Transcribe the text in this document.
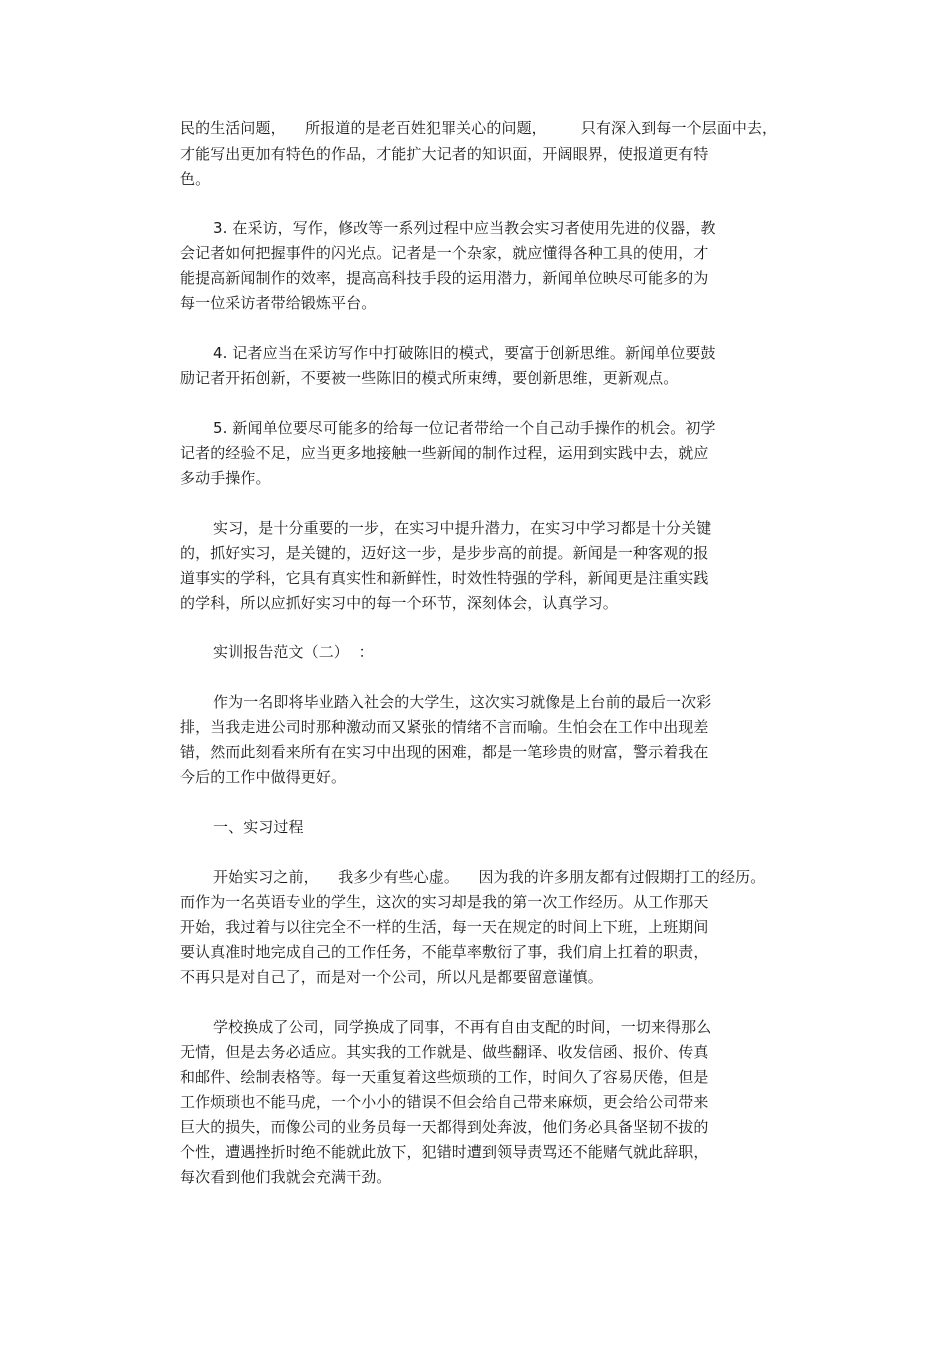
民的生活问题，    所报道的是老百姓犯罪关心的问题，       只有深入到每一个层面中去，
才能写出更加有特色的作品，才能扩大记者的知识面，开阔眼界，使报道更有特
色。
3. 在采访，写作，修改等一系列过程中应当教会实习者使用先进的仪器，教
会记者如何把握事件的闪光点。记者是一个杂家，就应懂得各种工具的使用，才
能提高新闻制作的效率，提高高科技手段的运用潜力，新闻单位映尽可能多的为
每一位采访者带给锻炼平台。
4. 记者应当在采访写作中打破陈旧的模式，要富于创新思维。新闻单位要鼓
励记者开拓创新，不要被一些陈旧的模式所束缚，要创新思维，更新观点。
5. 新闻单位要尽可能多的给每一位记者带给一个自己动手操作的机会。初学
记者的经验不足，应当更多地接触一些新闻的制作过程，运用到实践中去，就应
多动手操作。
实习，是十分重要的一步，在实习中提升潜力，在实习中学习都是十分关键
的，抓好实习，是关键的，迈好这一步，是步步高的前提。新闻是一种客观的报
道事实的学科，它具有真实性和新鲜性，时效性特强的学科，新闻更是注重实践
的学科，所以应抓好实习中的每一个环节，深刻体会，认真学习。
实训报告范文（二）  ：
作为一名即将毕业踏入社会的大学生，这次实习就像是上台前的最后一次彩
排，当我走进公司时那种激动而又紧张的情绪不言而喻。生怕会在工作中出现差
错，然而此刻看来所有在实习中出现的困难，都是一笔珍贵的财富，警示着我在
今后的工作中做得更好。
一、实习过程
开始实习之前，    我多少有些心虚。    因为我的许多朋友都有过假期打工的经历。
而作为一名英语专业的学生，这次的实习却是我的第一次工作经历。从工作那天
开始，我过着与以往完全不一样的生活，每一天在规定的时间上下班，上班期间
要认真准时地完成自己的工作任务，不能草率敷衍了事，我们肩上扛着的职责，
不再只是对自己了，而是对一个公司，所以凡是都要留意谨慎。
学校换成了公司，同学换成了同事，不再有自由支配的时间，一切来得那么
无情，但是去务必适应。其实我的工作就是、做些翻译、收发信函、报价、传真
和邮件、绘制表格等。每一天重复着这些烦琐的工作，时间久了容易厌倦，但是
工作烦琐也不能马虎，一个小小的错误不但会给自己带来麻烦，更会给公司带来
巨大的损失，而像公司的业务员每一天都得到处奔波，他们务必具备坚韧不拔的
个性，遭遇挫折时绝不能就此放下，犯错时遭到领导责骂还不能赌气就此辞职，
每次看到他们我就会充满干劲。
